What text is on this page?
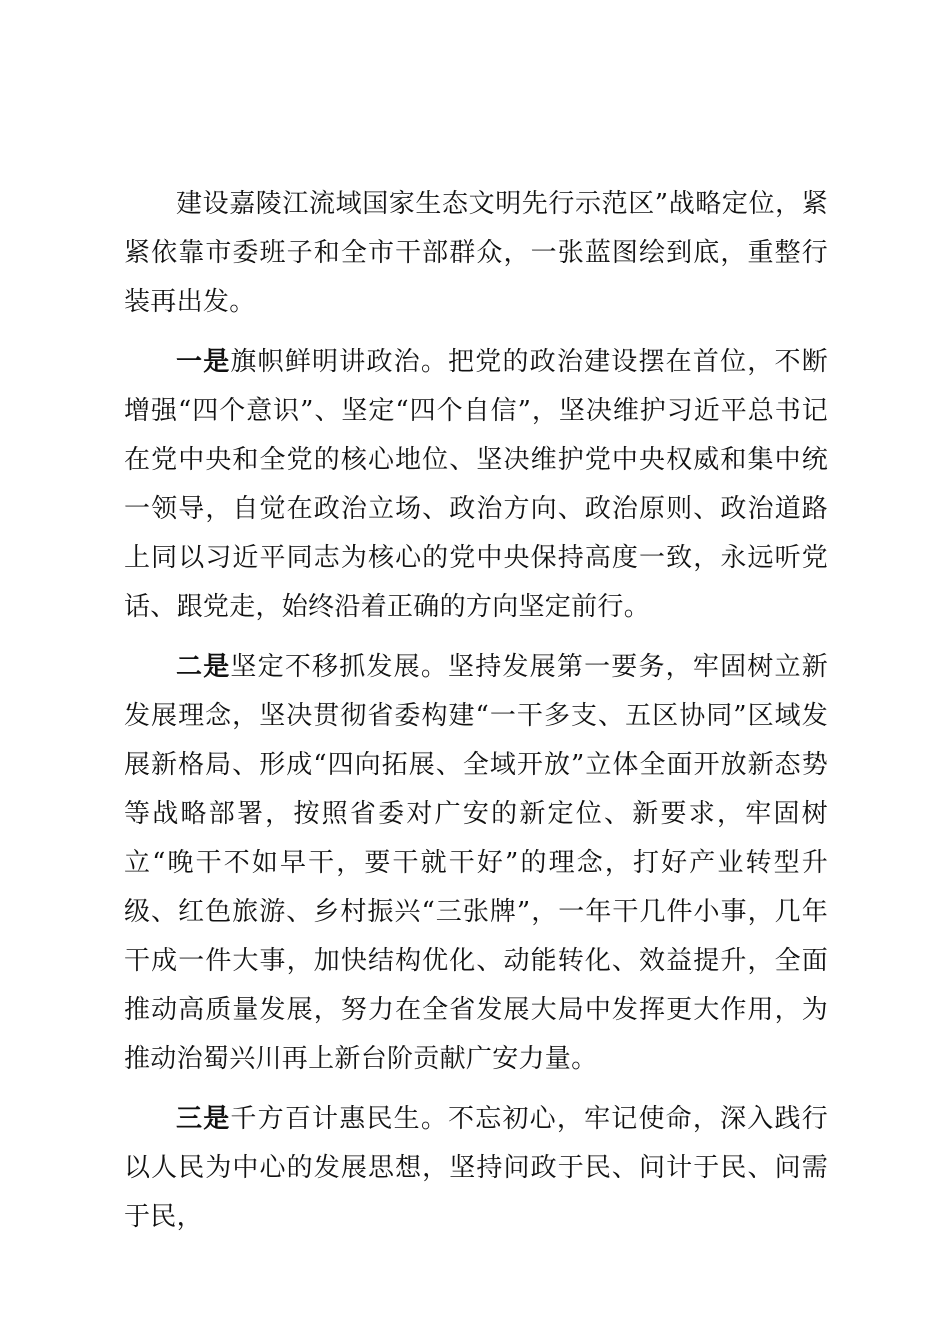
建设嘉陵江流域国家生态文明先行示范区”战略定位，紧紧依靠市委班子和全市干部群众，一张蓝图绘到底，重整行装再出发。

一是旗帜鲜明讲政治。把党的政治建设摆在首位，不断增强“四个意识”、坚定“四个自信”，坚决维护习近平总书记在党中央和全党的核心地位、坚决维护党中央权威和集中统一领导，自觉在政治立场、政治方向、政治原则、政治道路上同以习近平同志为核心的党中央保持高度一致，永远听党话、跟党走，始终沿着正确的方向坚定前行。

二是坚定不移抓发展。坚持发展第一要务，牢固树立新发展理念，坚决贯彻省委构建“一干多支、五区协同”区域发展新格局、形成“四向拓展、全域开放”立体全面开放新态势等战略部署，按照省委对广安的新定位、新要求，牢固树立“晚干不如早干，要干就干好”的理念，打好产业转型升级、红色旅游、乡村振兴“三张牌”，一年干几件小事，几年干成一件大事，加快结构优化、动能转化、效益提升，全面推动高质量发展，努力在全省发展大局中发挥更大作用，为推动治蜀兴川再上新台阶贡献广安力量。

三是千方百计惠民生。不忘初心，牢记使命，深入践行以人民为中心的发展思想，坚持问政于民、问计于民、问需于民，
